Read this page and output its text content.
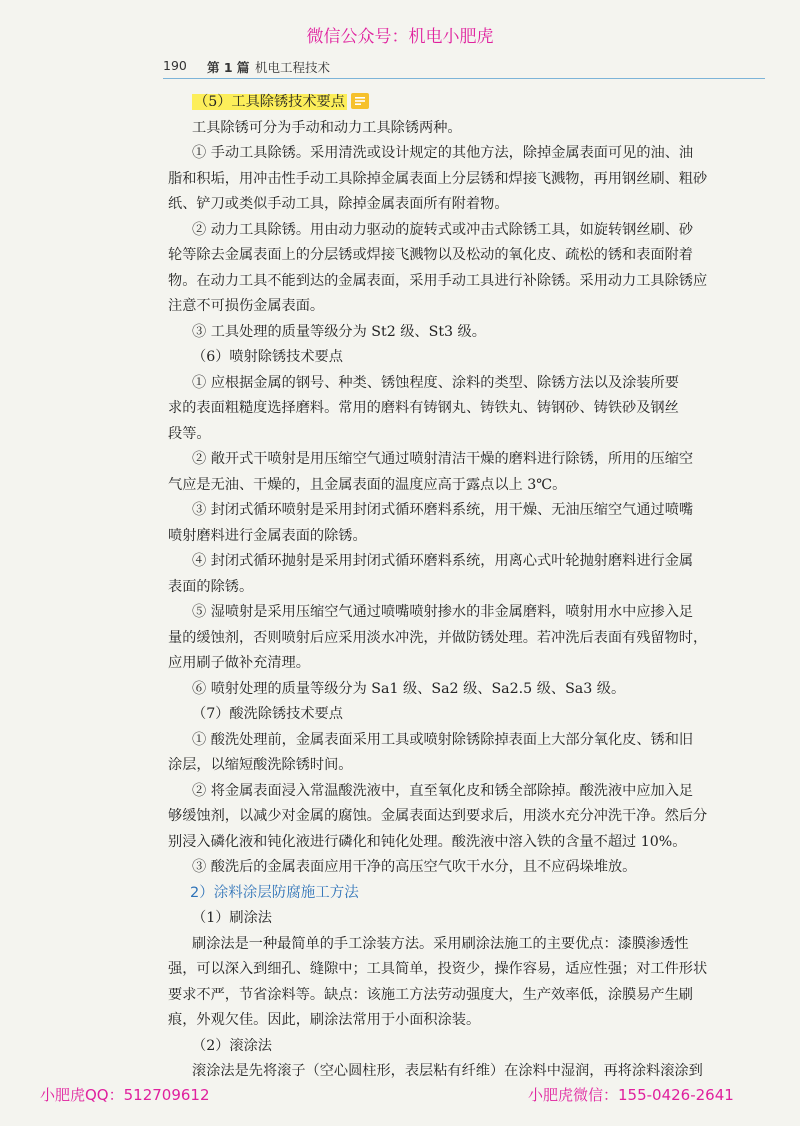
微信公众号：机电小肥虎
190 第 1 篇 机电工程技术
（5）工具除锈技术要点
工具除锈可分为手动和动力工具除锈两种。
① 手动工具除锈。采用清洗或设计规定的其他方法，除掉金属表面可见的油、油
脂和积垢，用冲击性手动工具除掉金属表面上分层锈和焊接飞溅物，再用钢丝刷、粗砂
纸、铲刀或类似手动工具，除掉金属表面所有附着物。
② 动力工具除锈。用由动力驱动的旋转式或冲击式除锈工具，如旋转钢丝刷、砂
轮等除去金属表面上的分层锈或焊接飞溅物以及松动的氧化皮、疏松的锈和表面附着
物。在动力工具不能到达的金属表面，采用手动工具进行补除锈。采用动力工具除锈应
注意不可损伤金属表面。
③ 工具处理的质量等级分为 St2 级、St3 级。
（6）喷射除锈技术要点
① 应根据金属的钢号、种类、锈蚀程度、涂料的类型、除锈方法以及涂装所要
求的表面粗糙度选择磨料。常用的磨料有铸钢丸、铸铁丸、铸钢砂、铸铁砂及钢丝
段等。
② 敞开式干喷射是用压缩空气通过喷射清洁干燥的磨料进行除锈，所用的压缩空
气应是无油、干燥的，且金属表面的温度应高于露点以上 3℃。
③ 封闭式循环喷射是采用封闭式循环磨料系统，用干燥、无油压缩空气通过喷嘴
喷射磨料进行金属表面的除锈。
④ 封闭式循环抛射是采用封闭式循环磨料系统，用离心式叶轮抛射磨料进行金属
表面的除锈。
⑤ 湿喷射是采用压缩空气通过喷嘴喷射掺水的非金属磨料，喷射用水中应掺入足
量的缓蚀剂，否则喷射后应采用淡水冲洗，并做防锈处理。若冲洗后表面有残留物时，
应用刷子做补充清理。
⑥ 喷射处理的质量等级分为 Sa1 级、Sa2 级、Sa2.5 级、Sa3 级。
（7）酸洗除锈技术要点
① 酸洗处理前，金属表面采用工具或喷射除锈除掉表面上大部分氧化皮、锈和旧
涂层，以缩短酸洗除锈时间。
② 将金属表面浸入常温酸洗液中，直至氧化皮和锈全部除掉。酸洗液中应加入足
够缓蚀剂，以减少对金属的腐蚀。金属表面达到要求后，用淡水充分冲洗干净。然后分
别浸入磷化液和钝化液进行磷化和钝化处理。酸洗液中溶入铁的含量不超过 10%。
③ 酸洗后的金属表面应用干净的高压空气吹干水分，且不应码垛堆放。
2）涂料涂层防腐施工方法
（1）刷涂法
刷涂法是一种最简单的手工涂装方法。采用刷涂法施工的主要优点：漆膜渗透性
强，可以深入到细孔、缝隙中；工具简单，投资少，操作容易，适应性强；对工件形状
要求不严，节省涂料等。缺点：该施工方法劳动强度大，生产效率低，涂膜易产生刷
痕，外观欠佳。因此，刷涂法常用于小面积涂装。
（2）滚涂法
滚涂法是先将滚子（空心圆柱形，表层粘有纤维）在涂料中湿润，再将涂料滚涂到
小肥虎QQ：512709612	小肥虎微信：155-0426-2641
